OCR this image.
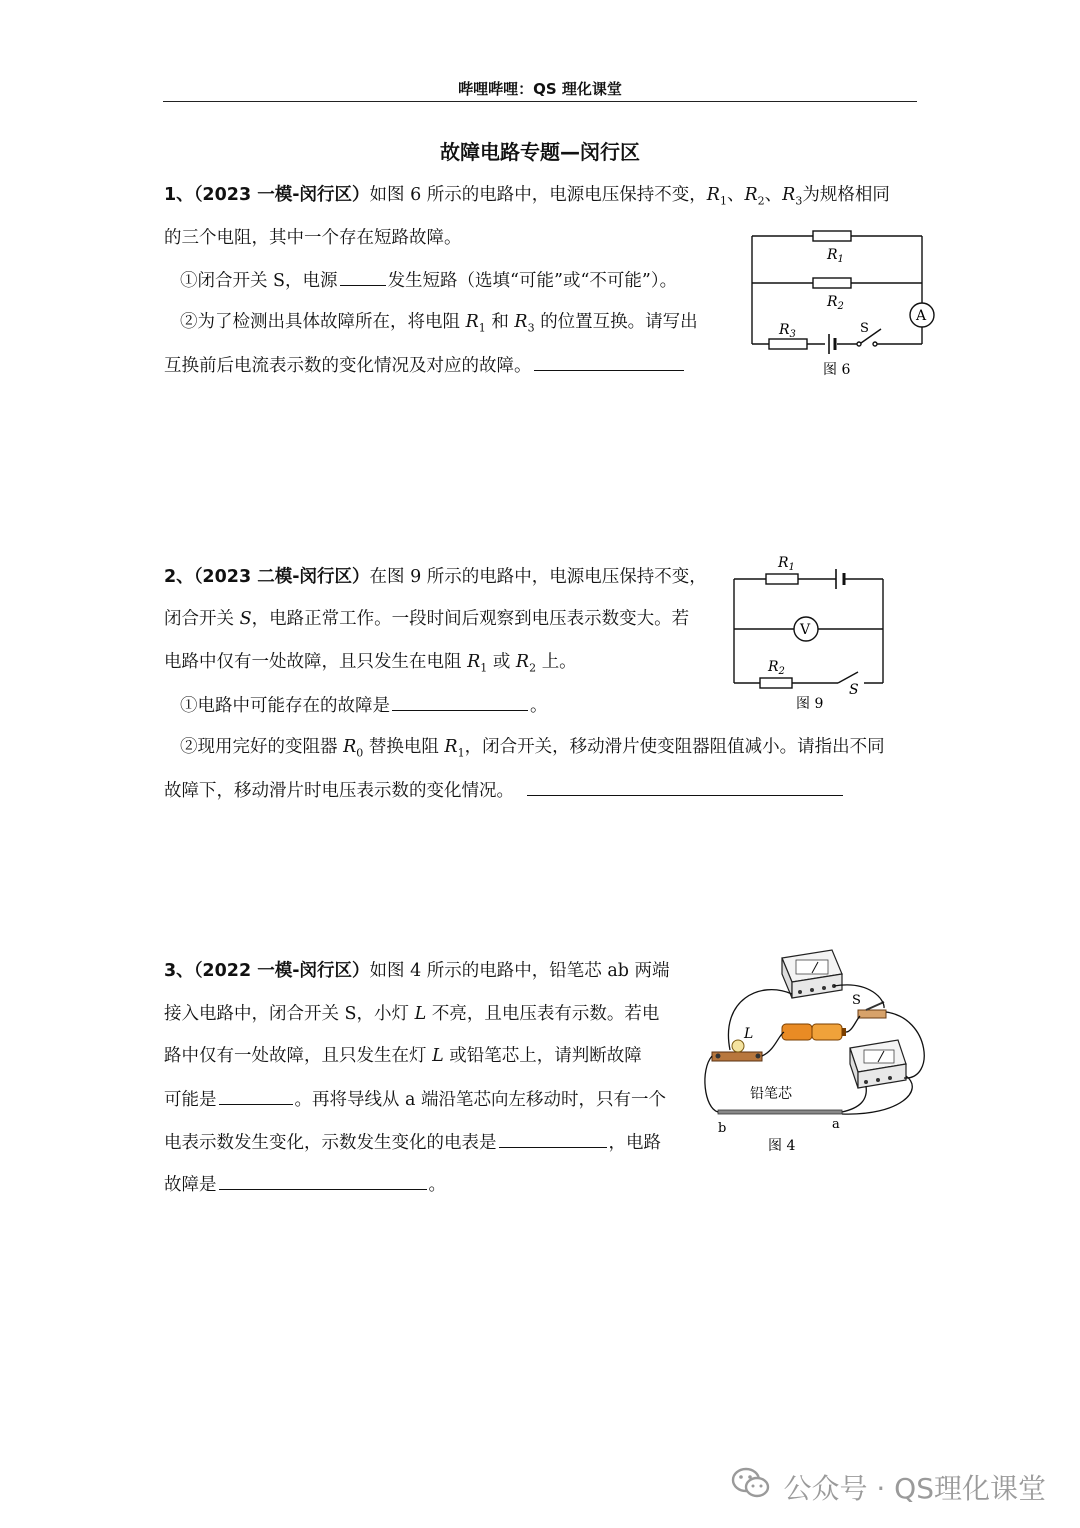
哔哩哔哩：QS 理化课堂
故障电路专题—闵行区
1、（2023 一模-闵行区）如图 6 所示的电路中，电源电压保持不变，$R_1$、$R_2$、$R_3$为规格相同
的三个电阻，其中一个存在短路故障。
①闭合开关 S，电源	发生短路（选填“可能”或“不可能”）。
②为了检测出具体故障所在，将电阻 $R_1$ 和 $R_3$ 的位置互换。请写出
互换前后电流表示数的变化情况及对应的故障。
$R_1$
$R_2$
$R_3$	S
A
图 6
2、（2023 二模-闵行区）在图 9 所示的电路中，电源电压保持不变，
闭合开关 S，电路正常工作。一段时间后观察到电压表示数变大。若
电路中仅有一处故障，且只发生在电阻 $R_1$ 或 $R_2$ 上。
①电路中可能存在的故障是	。
②现用完好的变阻器 $R_0$ 替换电阻 $R_1$，闭合开关，移动滑片使变阻器阻值减小。请指出不同
故障下，移动滑片时电压表示数的变化情况。
$R_1$
V
$R_2$
S
图 9
3、（2022 一模-闵行区）如图 4 所示的电路中，铅笔芯 ab 两端
接入电路中，闭合开关 S，小灯 L 不亮，且电压表有示数。若电
路中仅有一处故障，且只发生在灯 L 或铅笔芯上，请判断故障
可能是	。再将导线从 a 端沿笔芯向左移动时，只有一个
电表示数发生变化，示数发生变化的电表是	，电路
故障是	。
L
S
铅笔芯
b	a
图 4
公众号 · QS理化课堂
